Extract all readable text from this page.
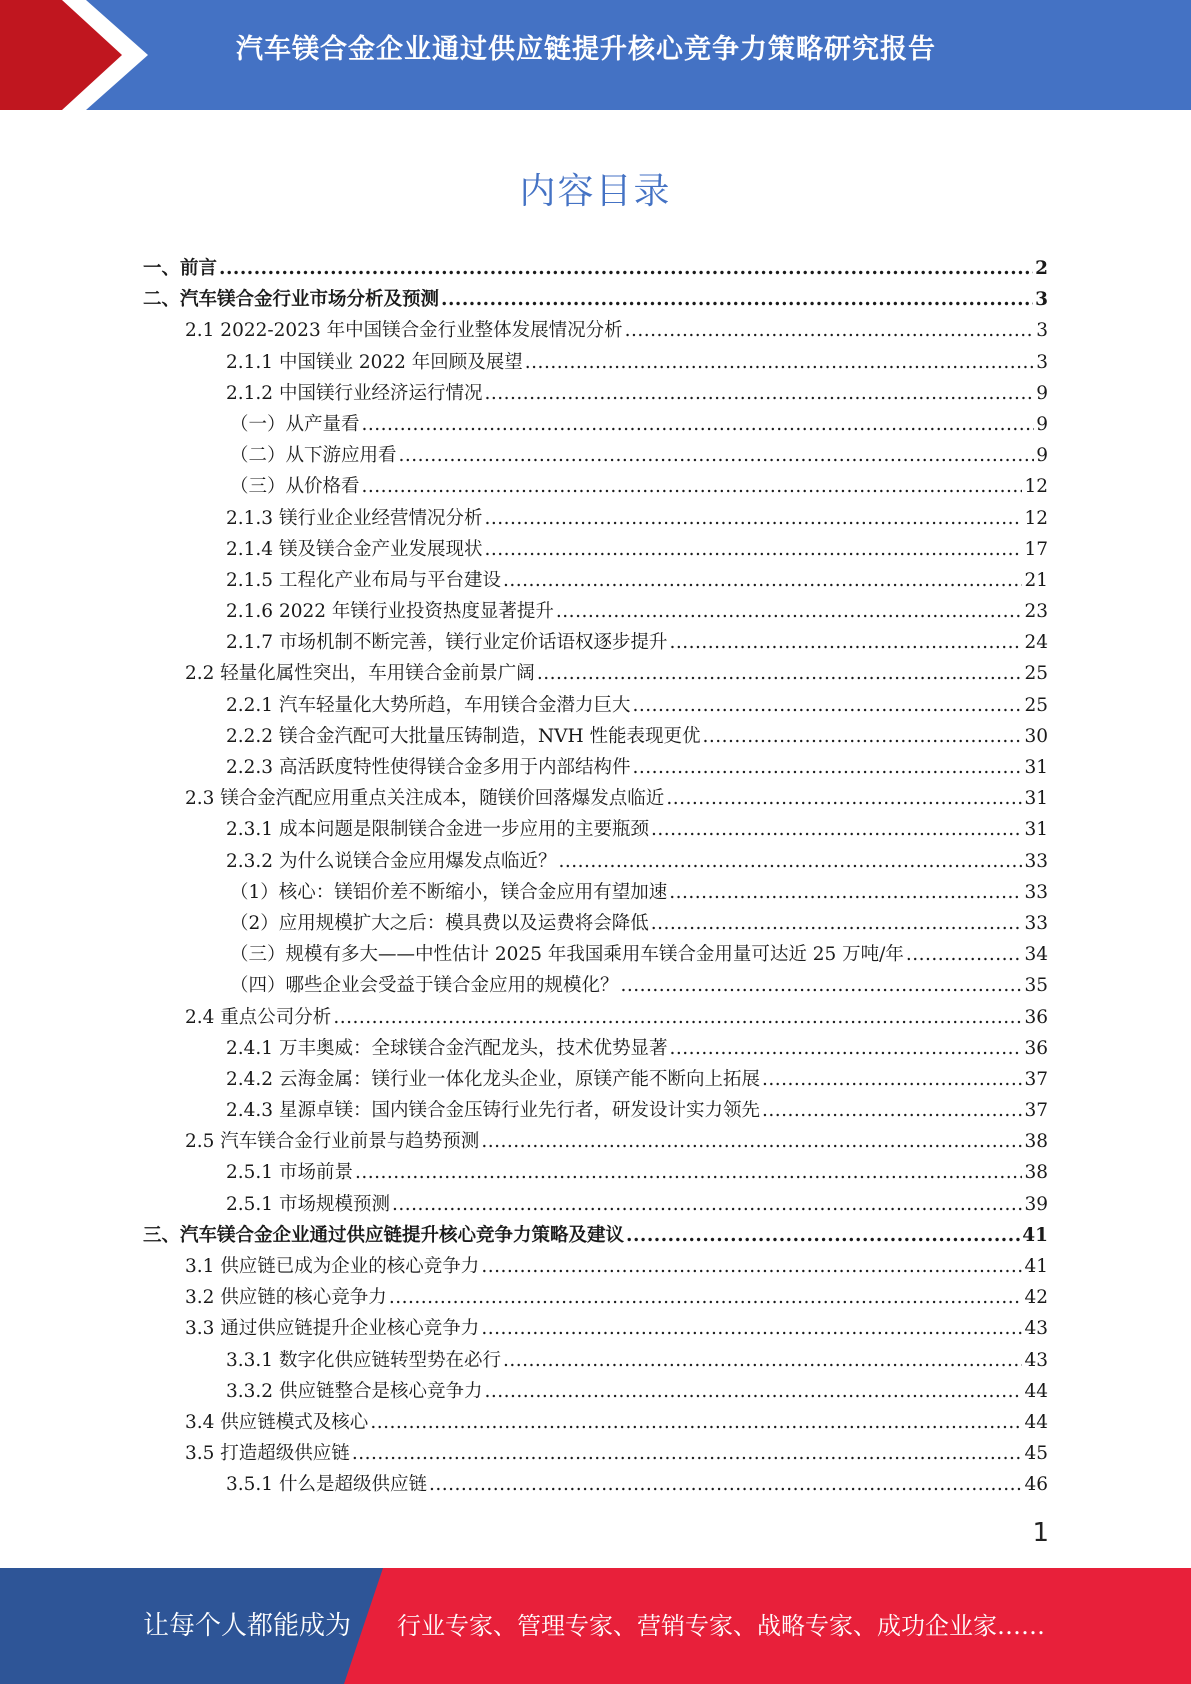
汽车镁合金企业通过供应链提升核心竞争力策略研究报告
内容目录
一、前言 .....	2
二、汽车镁合金行业市场分析及预测 .....	3
2.1 2022-2023 年中国镁合金行业整体发展情况分析 .....	3
2.1.1 中国镁业 2022 年回顾及展望 .....	3
2.1.2 中国镁行业经济运行情况 .....	9
（一）从产量看 .....	9
（二）从下游应用看 .....	9
（三）从价格看 .....	12
2.1.3 镁行业企业经营情况分析 .....	12
2.1.4 镁及镁合金产业发展现状 .....	17
2.1.5 工程化产业布局与平台建设 .....	21
2.1.6 2022 年镁行业投资热度显著提升 .....	23
2.1.7 市场机制不断完善，镁行业定价话语权逐步提升 .....	24
2.2 轻量化属性突出，车用镁合金前景广阔 .....	25
2.2.1 汽车轻量化大势所趋，车用镁合金潜力巨大 .....	25
2.2.2 镁合金汽配可大批量压铸制造，NVH 性能表现更优 .....	30
2.2.3 高活跃度特性使得镁合金多用于内部结构件 .....	31
2.3 镁合金汽配应用重点关注成本，随镁价回落爆发点临近 .....	31
2.3.1 成本问题是限制镁合金进一步应用的主要瓶颈 .....	31
2.3.2 为什么说镁合金应用爆发点临近？ .....	33
（1）核心：镁铝价差不断缩小，镁合金应用有望加速 .....	33
（2）应用规模扩大之后：模具费以及运费将会降低 .....	33
（三）规模有多大——中性估计 2025 年我国乘用车镁合金用量可达近 25 万吨/年 .....	34
（四）哪些企业会受益于镁合金应用的规模化？ .....	35
2.4 重点公司分析 .....	36
2.4.1 万丰奥威：全球镁合金汽配龙头，技术优势显著 .....	36
2.4.2 云海金属：镁行业一体化龙头企业，原镁产能不断向上拓展 .....	37
2.4.3 星源卓镁：国内镁合金压铸行业先行者，研发设计实力领先 .....	37
2.5 汽车镁合金行业前景与趋势预测 .....	38
2.5.1 市场前景 .....	38
2.5.1 市场规模预测 .....	39
三、汽车镁合金企业通过供应链提升核心竞争力策略及建议 .....	41
3.1 供应链已成为企业的核心竞争力 .....	41
3.2 供应链的核心竞争力 .....	42
3.3 通过供应链提升企业核心竞争力 .....	43
3.3.1 数字化供应链转型势在必行 .....	43
3.3.2 供应链整合是核心竞争力 .....	44
3.4 供应链模式及核心 .....	44
3.5 打造超级供应链 .....	45
3.5.1 什么是超级供应链 .....	46
1
让每个人都能成为 行业专家、管理专家、营销专家、战略专家、成功企业家……
